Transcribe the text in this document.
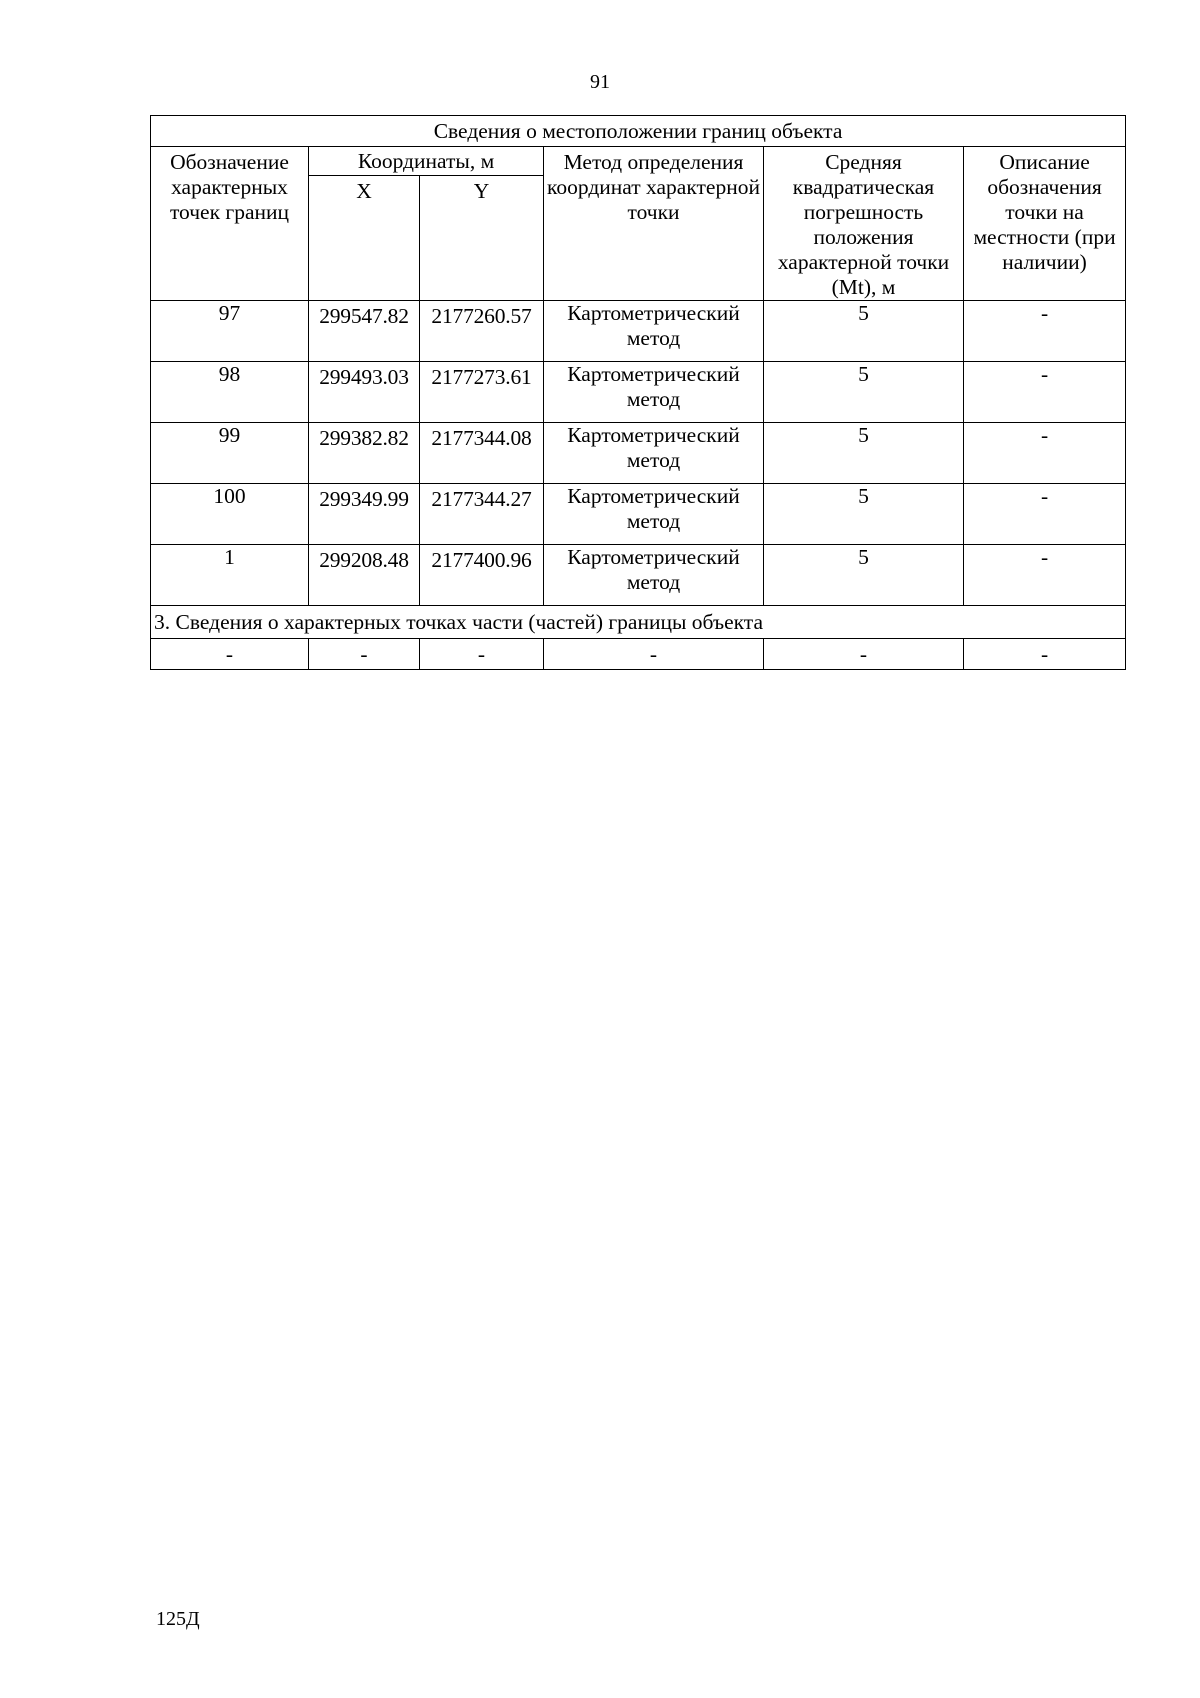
91
Сведения о местоположении границ объекта					
Обозначение характерных точек границ	Координаты, м		Метод определения координат характерной точки	Средняя квадратическая погрешность положения характерной точки (Mt), м	Описание обозначения точки на местности (при наличии)
	X	Y			
97	299547.82	2177260.57	Картометрический метод	5	-
98	299493.03	2177273.61	Картометрический метод	5	-
99	299382.82	2177344.08	Картометрический метод	5	-
100	299349.99	2177344.27	Картометрический метод	5	-
1	299208.48	2177400.96	Картометрический метод	5	-
3. Сведения о характерных точках части (частей) границы объекта					
-	-	-	-	-	-
125Д
